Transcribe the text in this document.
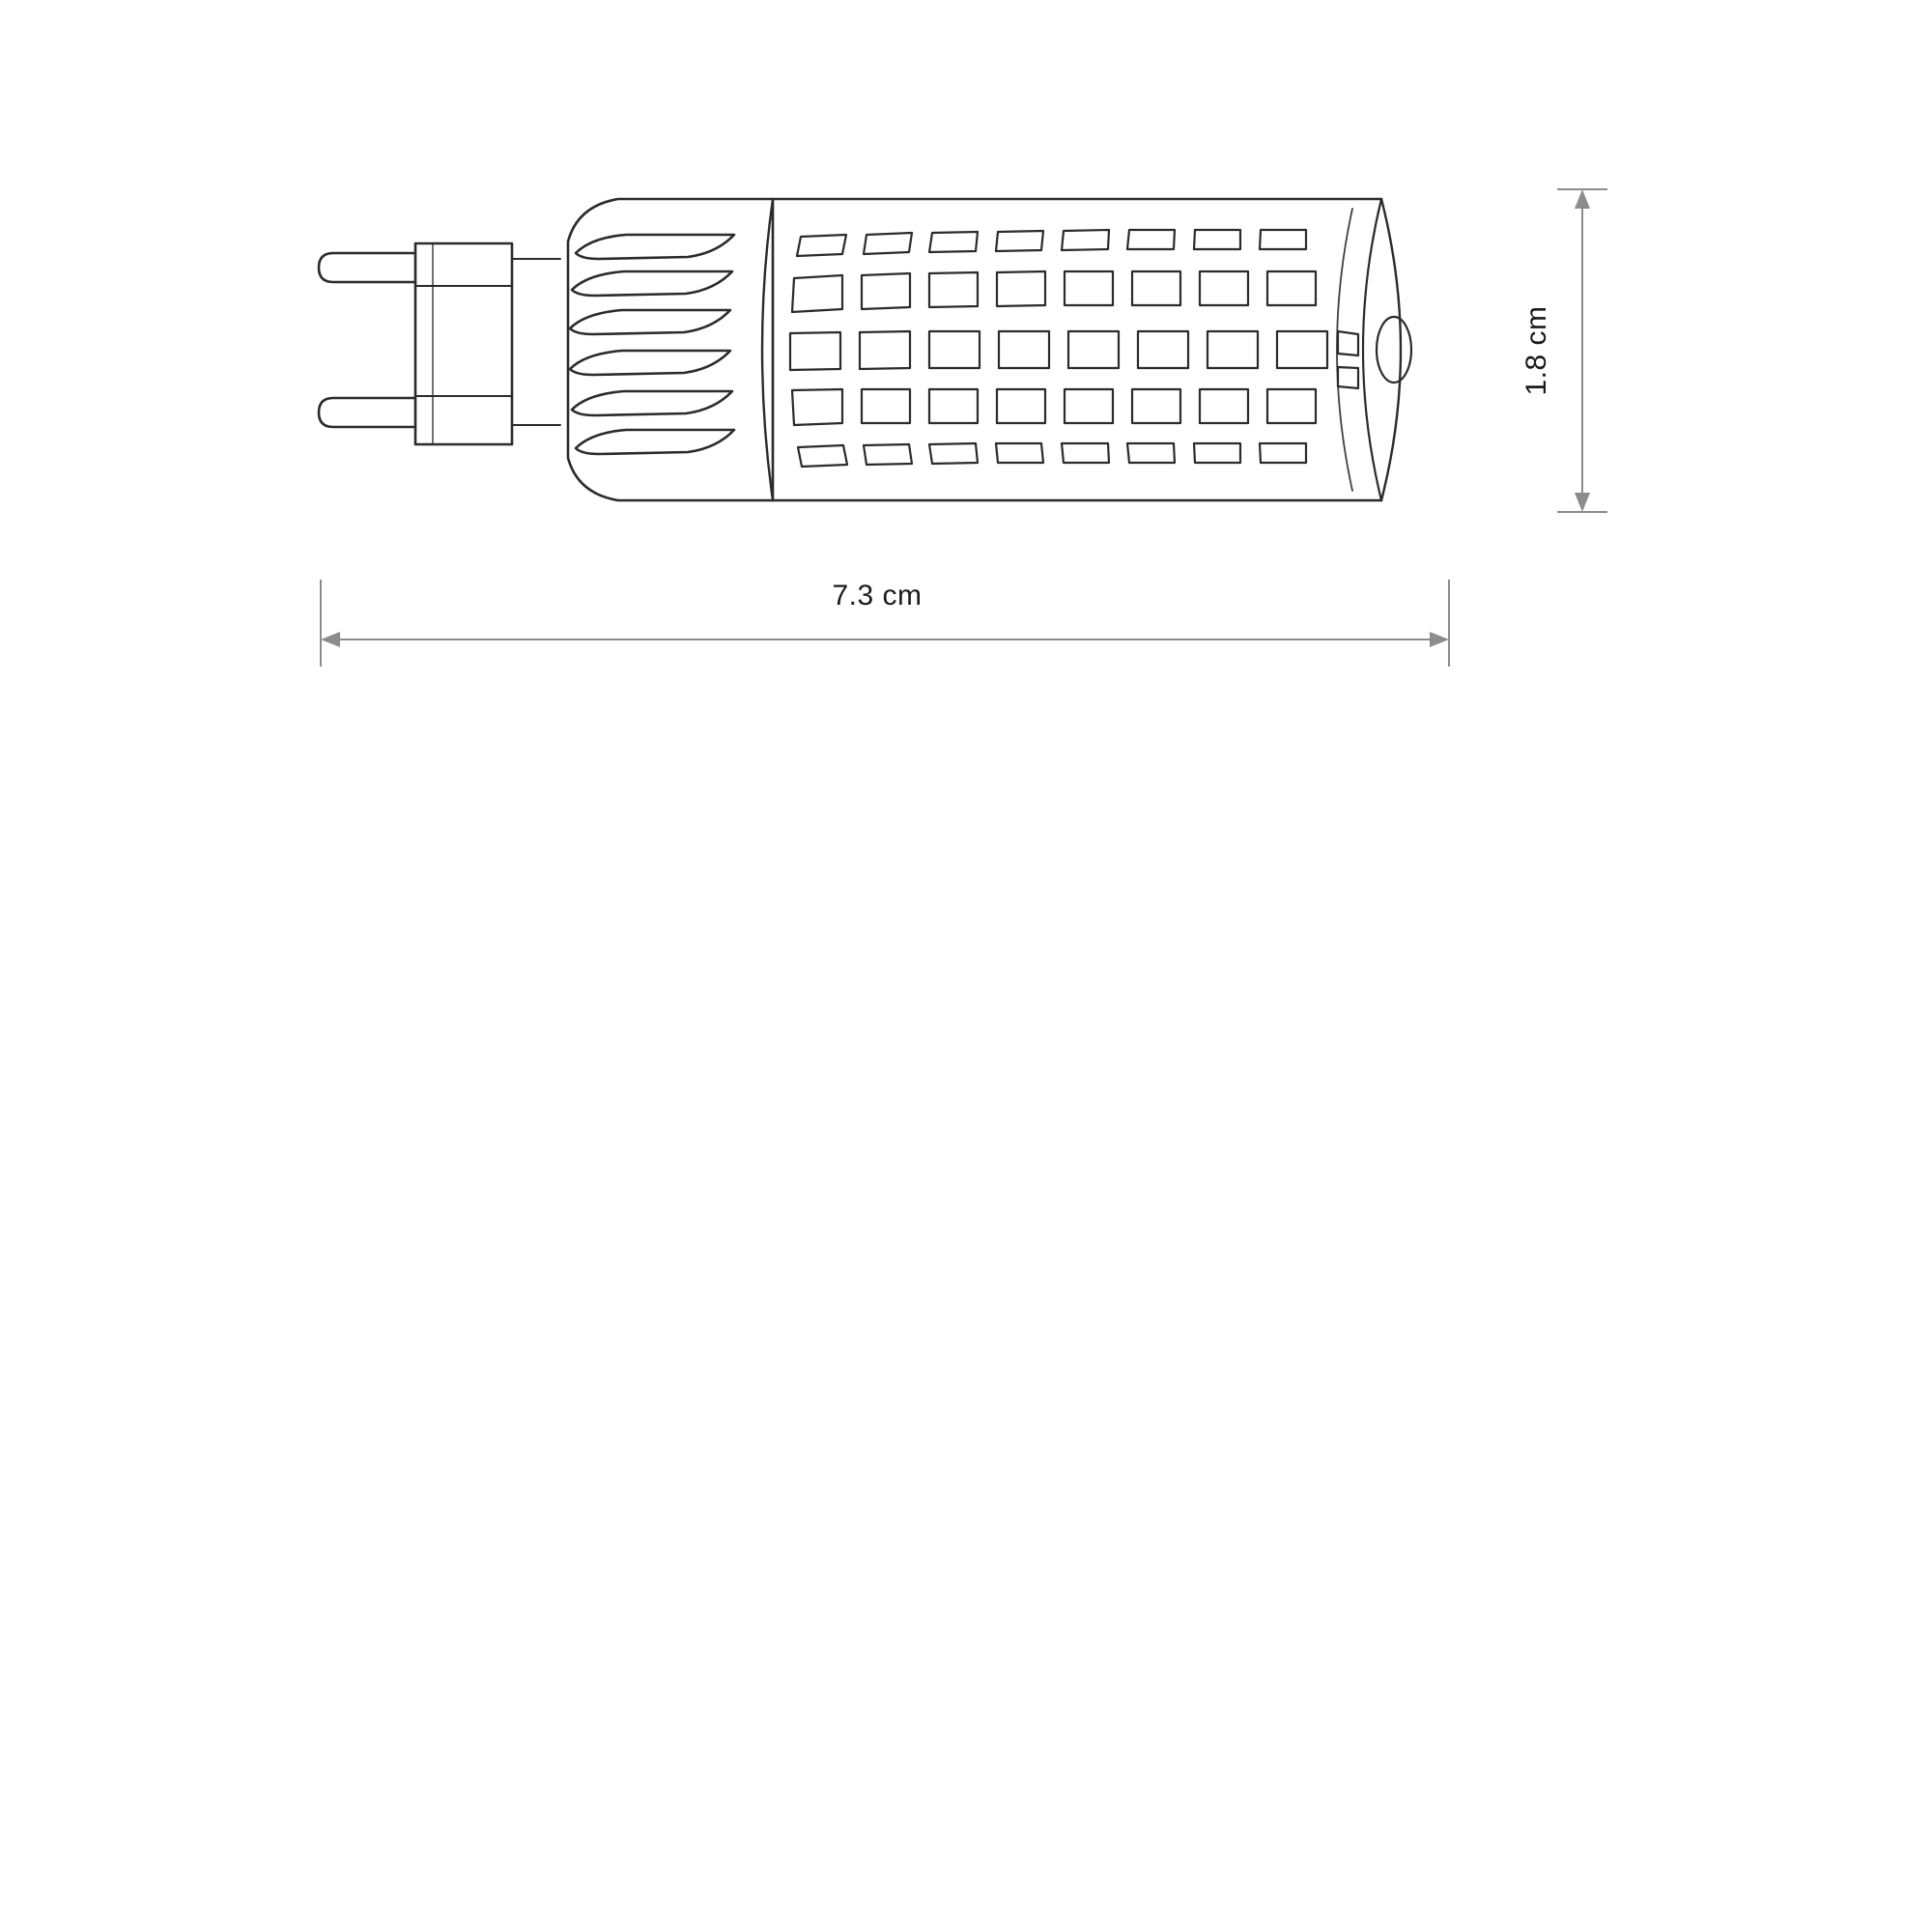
1.8 cm
7.3 cm
